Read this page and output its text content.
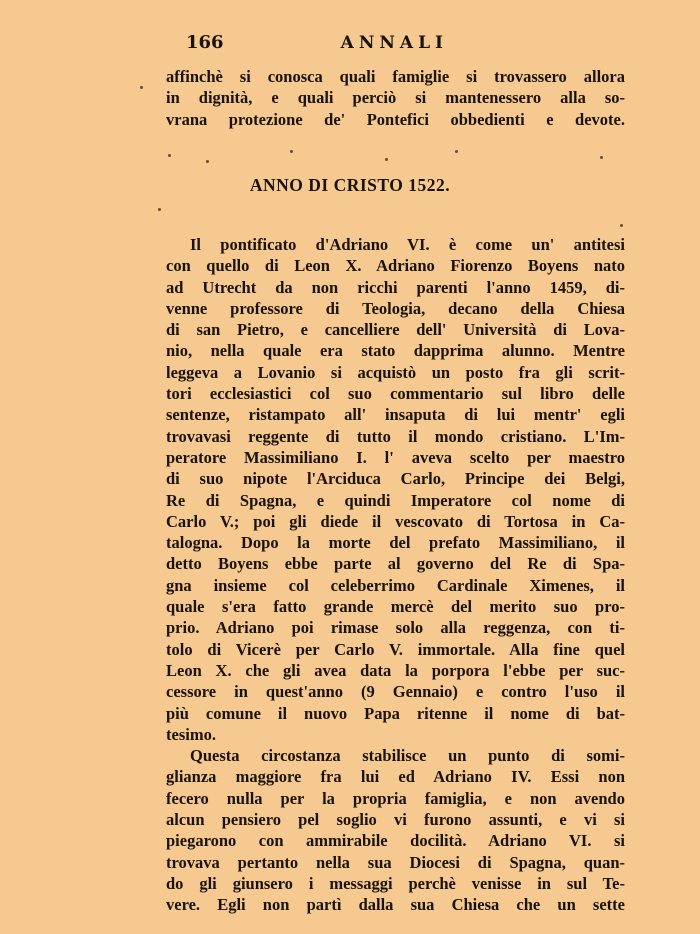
166	ANNALI
affinchè si conosca quali famiglie si trovassero allora
in dignità, e quali perciò si mantenessero alla so-
vrana protezione de' Pontefici obbedienti e devote.
ANNO DI CRISTO 1522.
Il pontificato d'Adriano VI. è come un' antitesi
con quello di Leon X. Adriano Fiorenzo Boyens nato
ad Utrecht da non ricchi parenti l'anno 1459, di-
venne professore di Teologia, decano della Chiesa
di san Pietro, e cancelliere dell' Università di Lova-
nio, nella quale era stato dapprima alunno. Mentre
leggeva a Lovanio si acquistò un posto fra gli scrit-
tori ecclesiastici col suo commentario sul libro delle
sentenze, ristampato all' insaputa di lui mentr' egli
trovavasi reggente di tutto il mondo cristiano. L'Im-
peratore Massimiliano I. l' aveva scelto per maestro
di suo nipote l'Arciduca Carlo, Principe dei Belgi,
Re di Spagna, e quindi Imperatore col nome di
Carlo V.; poi gli diede il vescovato di Tortosa in Ca-
talogna. Dopo la morte del prefato Massimiliano, il
detto Boyens ebbe parte al governo del Re di Spa-
gna insieme col celeberrimo Cardinale Ximenes, il
quale s'era fatto grande mercè del merito suo pro-
prio. Adriano poi rimase solo alla reggenza, con ti-
tolo di Vicerè per Carlo V. immortale. Alla fine quel
Leon X. che gli avea data la porpora l'ebbe per suc-
cessore in quest'anno (9 Gennaio) e contro l'uso il
più comune il nuovo Papa ritenne il nome di bat-
tesimo.
Questa circostanza stabilisce un punto di somi-
glianza maggiore fra lui ed Adriano IV. Essi non
fecero nulla per la propria famiglia, e non avendo
alcun pensiero pel soglio vi furono assunti, e vi si
piegarono con ammirabile docilità. Adriano VI. si
trovava pertanto nella sua Diocesi di Spagna, quan-
do gli giunsero i messaggi perchè venisse in sul Te-
vere. Egli non partì dalla sua Chiesa che un sette
